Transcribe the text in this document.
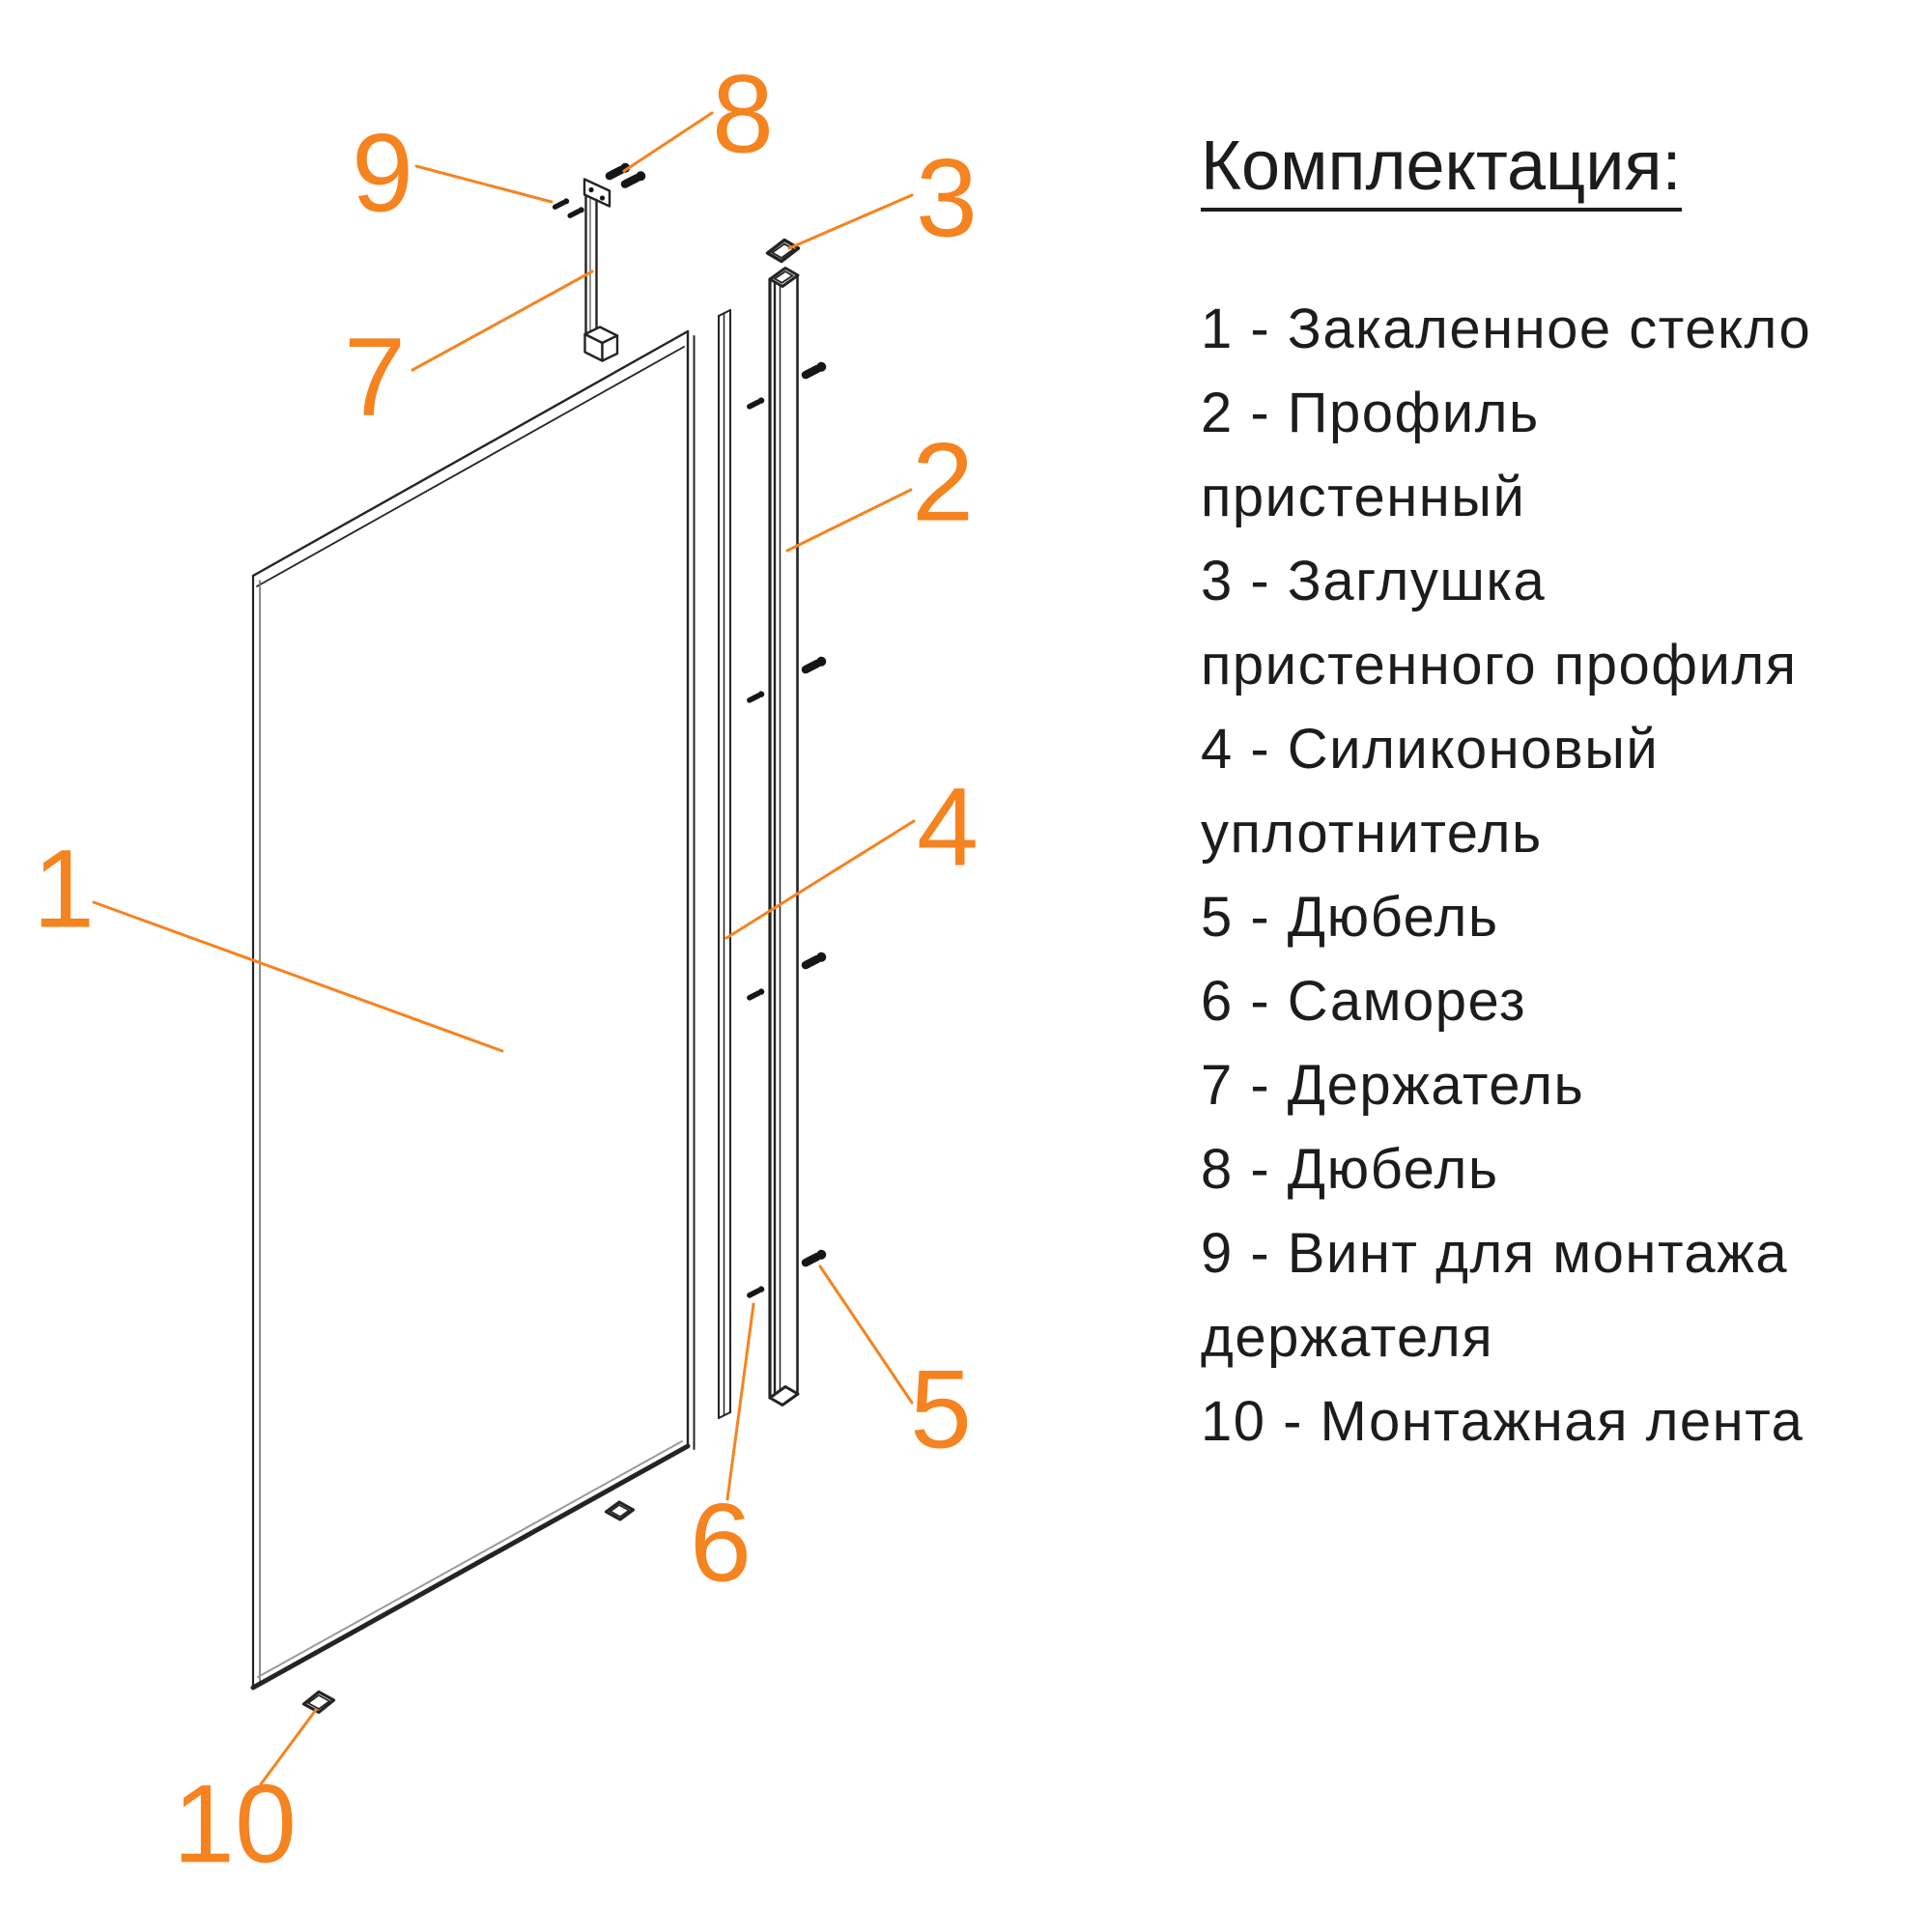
1
2
3
4
5
6
7
8
9
10
Комплектация:
1 - Закаленное стекло
2 - Профиль
пристенный
3 - Заглушка
пристенного профиля
4 - Силиконовый
уплотнитель
5 - Дюбель
6 - Саморез
7 - Держатель
8 - Дюбель
9 - Винт для монтажа
держателя
10 - Монтажная лента
